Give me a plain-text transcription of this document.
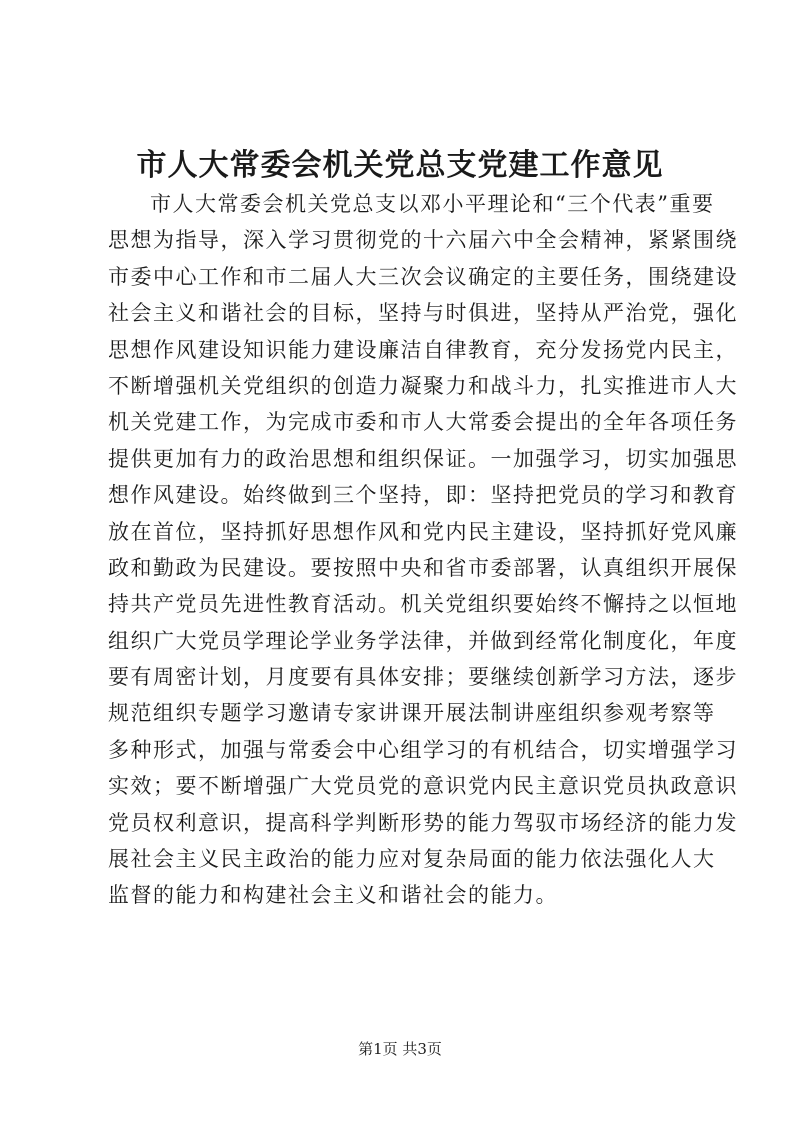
市人大常委会机关党总支党建工作意见
市人大常委会机关党总支以邓小平理论和“三个代表”重要
思想为指导，深入学习贯彻党的十六届六中全会精神，紧紧围绕
市委中心工作和市二届人大三次会议确定的主要任务，围绕建设
社会主义和谐社会的目标，坚持与时俱进，坚持从严治党，强化
思想作风建设知识能力建设廉洁自律教育，充分发扬党内民主，
不断增强机关党组织的创造力凝聚力和战斗力，扎实推进市人大
机关党建工作，为完成市委和市人大常委会提出的全年各项任务
提供更加有力的政治思想和组织保证。一加强学习，切实加强思
想作风建设。始终做到三个坚持，即：坚持把党员的学习和教育
放在首位，坚持抓好思想作风和党内民主建设，坚持抓好党风廉
政和勤政为民建设。要按照中央和省市委部署，认真组织开展保
持共产党员先进性教育活动。机关党组织要始终不懈持之以恒地
组织广大党员学理论学业务学法律，并做到经常化制度化，年度
要有周密计划，月度要有具体安排；要继续创新学习方法，逐步
规范组织专题学习邀请专家讲课开展法制讲座组织参观考察等
多种形式，加强与常委会中心组学习的有机结合，切实增强学习
实效；要不断增强广大党员党的意识党内民主意识党员执政意识
党员权利意识，提高科学判断形势的能力驾驭市场经济的能力发
展社会主义民主政治的能力应对复杂局面的能力依法强化人大
监督的能力和构建社会主义和谐社会的能力。
第1页 共3页
